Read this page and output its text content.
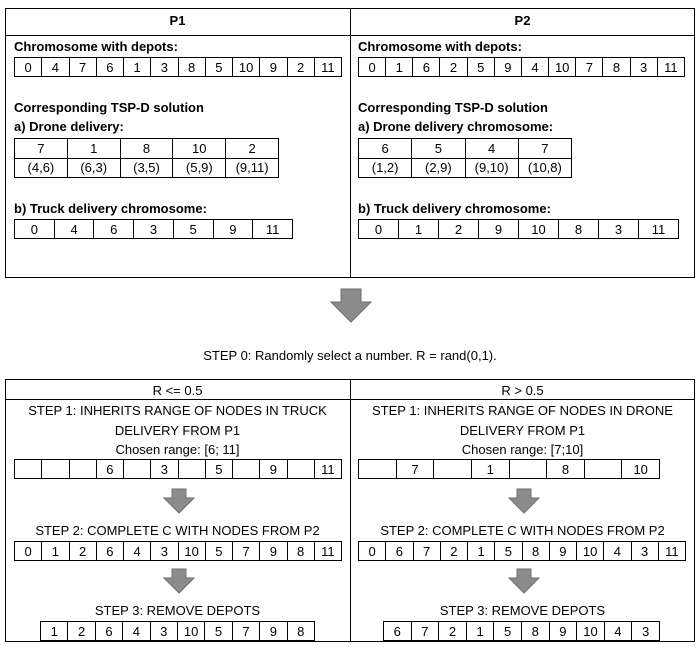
P1	P2
Chromosome with depots:
0	4	7	6	1	3	8	5	10	9	2	11
Corresponding TSP-D solution
a) Drone delivery:
7	1	8	10	2
(4,6)	(6,3)	(3,5)	(5,9)	(9,11)
b) Truck delivery chromosome:
0	4	6	3	5	9	11
Chromosome with depots:
0	1	6	2	5	9	4	10	7	8	3	11
Corresponding TSP-D solution
a) Drone delivery chromosome:
6	5	4	7
(1,2)	(2,9)	(9,10)	(10,8)
b) Truck delivery chromosome:
0	1	2	9	10	8	3	11
STEP 0: Randomly select a number. R = rand(0,1).
R <= 0.5	R > 0.5
STEP 1: INHERITS RANGE OF NODES IN TRUCK
DELIVERY FROM P1
Chosen range: [6; 11]
			6		3		5		9		11
STEP 2: COMPLETE C WITH NODES FROM P2
0	1	2	6	4	3	10	5	7	9	8	11
STEP 3: REMOVE DEPOTS
1	2	6	4	3	10	5	7	9	8
STEP 1: INHERITS RANGE OF NODES IN DRONE
DELIVERY FROM P1
Chosen range: [7;10]
	7		1		8		10
STEP 2: COMPLETE C WITH NODES FROM P2
0	6	7	2	1	5	8	9	10	4	3	11
STEP 3: REMOVE DEPOTS
6	7	2	1	5	8	9	10	4	3
